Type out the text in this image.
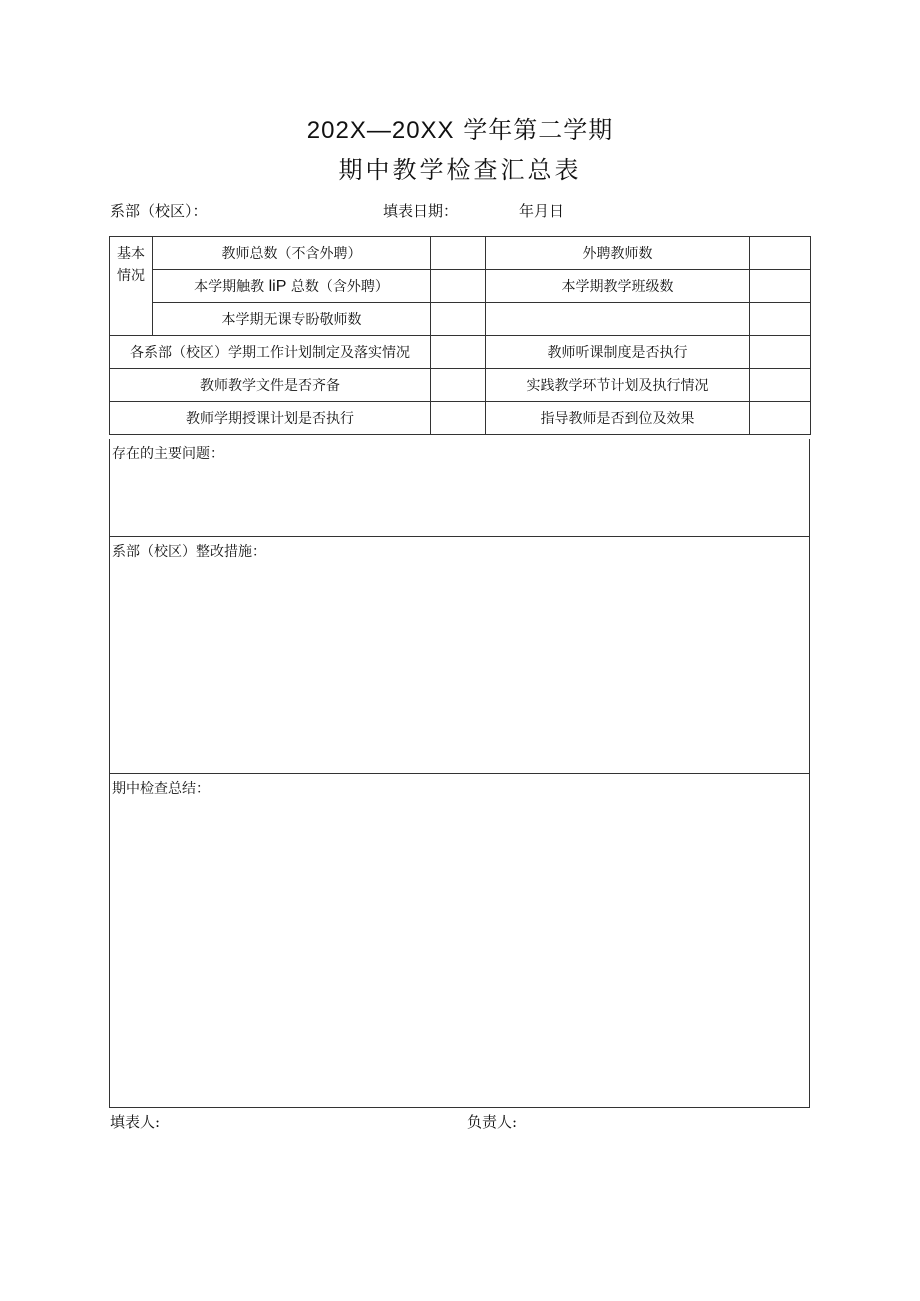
202X—20XX 学年第二学期
期中教学检查汇总表
系部（校区）：	填表日期：	年月日
基本
情况	教师总数（不含外聘）		外聘教师数	
	本学期触教 liP 总数（含外聘）		本学期教学班级数	
	本学期无课专盼敬师数			
各系部（校区）学期工作计划制定及落实情况			教师听课制度是否执行	
教师教学文件是否齐备			实践教学环节计划及执行情况	
教师学期授课计划是否执行			指导教师是否到位及效果	
存在的主要问题：
系部（校区）整改措施：
期中检查总结：
填表人:	负责人:
